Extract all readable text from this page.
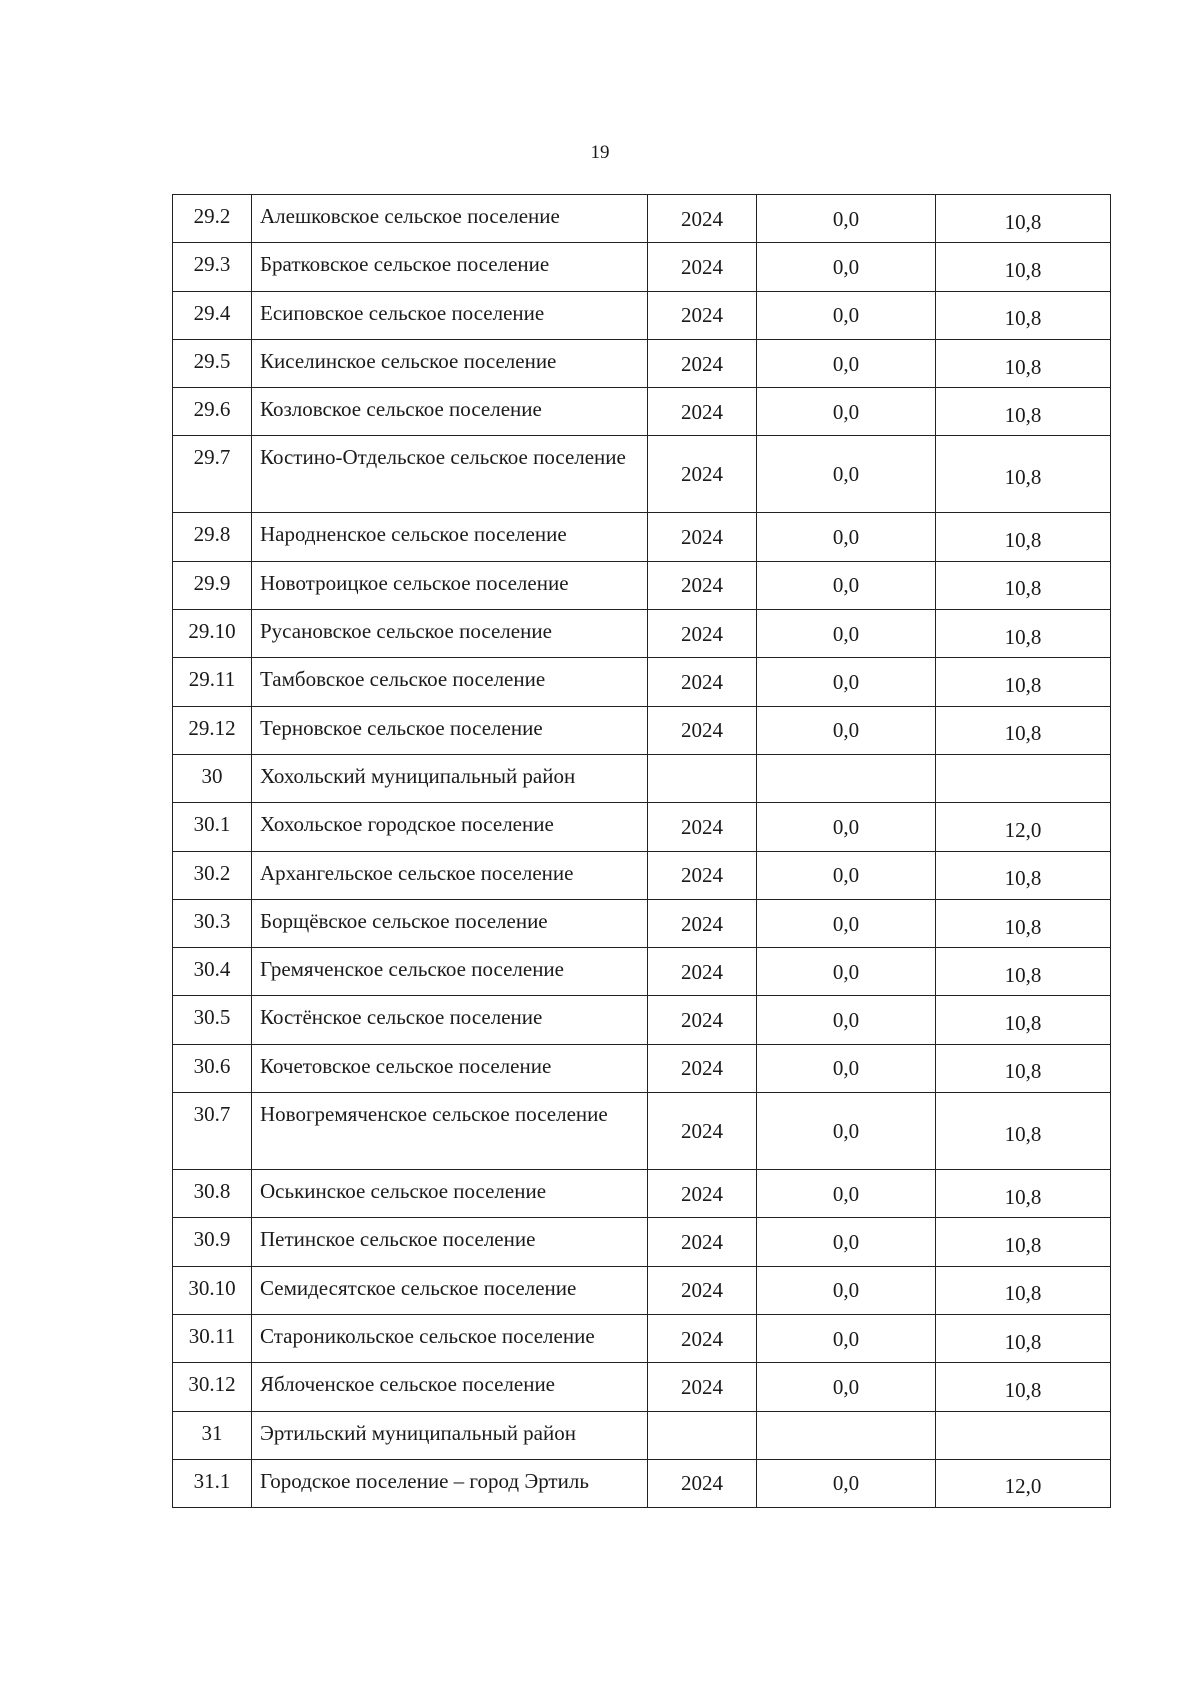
19
29.2	Алешковское сельское поселение	2024	0,0	10,8
29.3	Братковское сельское поселение	2024	0,0	10,8
29.4	Есиповское сельское поселение	2024	0,0	10,8
29.5	Киселинское сельское поселение	2024	0,0	10,8
29.6	Козловское сельское поселение	2024	0,0	10,8
29.7	Костино-Отдельское сельское поселение	2024	0,0	10,8
29.8	Народненское сельское поселение	2024	0,0	10,8
29.9	Новотроицкое сельское поселение	2024	0,0	10,8
29.10	Русановское сельское поселение	2024	0,0	10,8
29.11	Тамбовское сельское поселение	2024	0,0	10,8
29.12	Терновское сельское поселение	2024	0,0	10,8
30	Хохольский муниципальный район			
30.1	Хохольское городское поселение	2024	0,0	12,0
30.2	Архангельское сельское поселение	2024	0,0	10,8
30.3	Борщёвское сельское поселение	2024	0,0	10,8
30.4	Гремяченское сельское поселение	2024	0,0	10,8
30.5	Костёнское сельское поселение	2024	0,0	10,8
30.6	Кочетовское сельское поселение	2024	0,0	10,8
30.7	Новогремяченское сельское поселение	2024	0,0	10,8
30.8	Оськинское сельское поселение	2024	0,0	10,8
30.9	Петинское сельское поселение	2024	0,0	10,8
30.10	Семидесятское сельское поселение	2024	0,0	10,8
30.11	Староникольское сельское поселение	2024	0,0	10,8
30.12	Яблоченское сельское поселение	2024	0,0	10,8
31	Эртильский муниципальный район			
31.1	Городское поселение – город Эртиль	2024	0,0	12,0
